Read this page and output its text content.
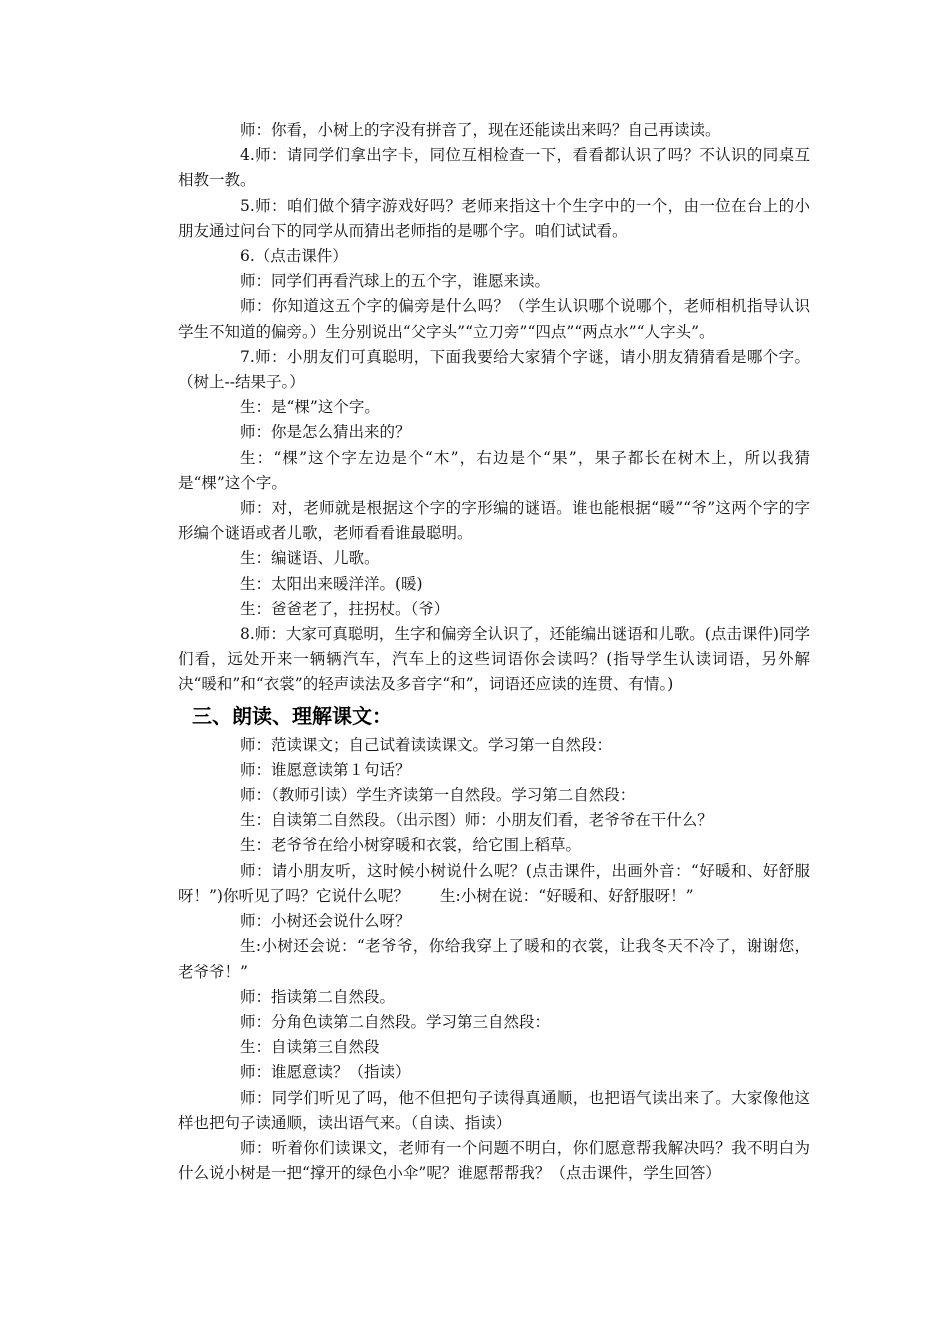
师：你看，小树上的字没有拼音了，现在还能读出来吗？自己再读读。

4.师：请同学们拿出字卡，同位互相检查一下，看看都认识了吗？不认识的同桌互相教一教。

5.师：咱们做个猜字游戏好吗？老师来指这十个生字中的一个，由一位在台上的小朋友通过问台下的同学从而猜出老师指的是哪个字。咱们试试看。

6.（点击课件）

师：同学们再看汽球上的五个字，谁愿来读。

师：你知道这五个字的偏旁是什么吗？（学生认识哪个说哪个，老师相机指导认识学生不知道的偏旁。）生分别说出“父字头”“立刀旁”“四点”“两点水”“人字头”。

7.师：小朋友们可真聪明，下面我要给大家猜个字谜，请小朋友猜猜看是哪个字。（树上--结果子。）

生：是“棵”这个字。

师：你是怎么猜出来的？

生：“棵”这个字左边是个“木”，右边是个“果”，果子都长在树木上，所以我猜是“棵”这个字。

师：对，老师就是根据这个字的字形编的谜语。谁也能根据“暖”“爷”这两个字的字形编个谜语或者儿歌，老师看看谁最聪明。

生：编谜语、儿歌。

生：太阳出来暖洋洋。(暖)

生：爸爸老了，拄拐杖。（爷）

8.师：大家可真聪明，生字和偏旁全认识了，还能编出谜语和儿歌。(点击课件)同学们看，远处开来一辆辆汽车，汽车上的这些词语你会读吗？(指导学生认读词语，另外解决“暖和”和“衣裳”的轻声读法及多音字“和”，词语还应读的连贯、有情。)

三、朗读、理解课文：

师：范读课文；自己试着读读课文。学习第一自然段：

师：谁愿意读第１句话？

师：（教师引读）学生齐读第一自然段。学习第二自然段：

生：自读第二自然段。（出示图）师：小朋友们看，老爷爷在干什么？

生：老爷爷在给小树穿暖和衣裳，给它围上稻草。

师：请小朋友听，这时候小树说什么呢？(点击课件，出画外音：“好暖和、好舒服呀！”)你听见了吗？它说什么呢？　　生:小树在说：“好暖和、好舒服呀！”

师：小树还会说什么呀？

生:小树还会说：“老爷爷，你给我穿上了暖和的衣裳，让我冬天不冷了，谢谢您，老爷爷！”

师：指读第二自然段。

师：分角色读第二自然段。学习第三自然段：

生：自读第三自然段

师：谁愿意读？（指读）

师：同学们听见了吗，他不但把句子读得真通顺，也把语气读出来了。大家像他这样也把句子读通顺，读出语气来。（自读、指读）

师：听着你们读课文，老师有一个问题不明白，你们愿意帮我解决吗？我不明白为什么说小树是一把“撑开的绿色小伞”呢？谁愿帮帮我？（点击课件，学生回答）
